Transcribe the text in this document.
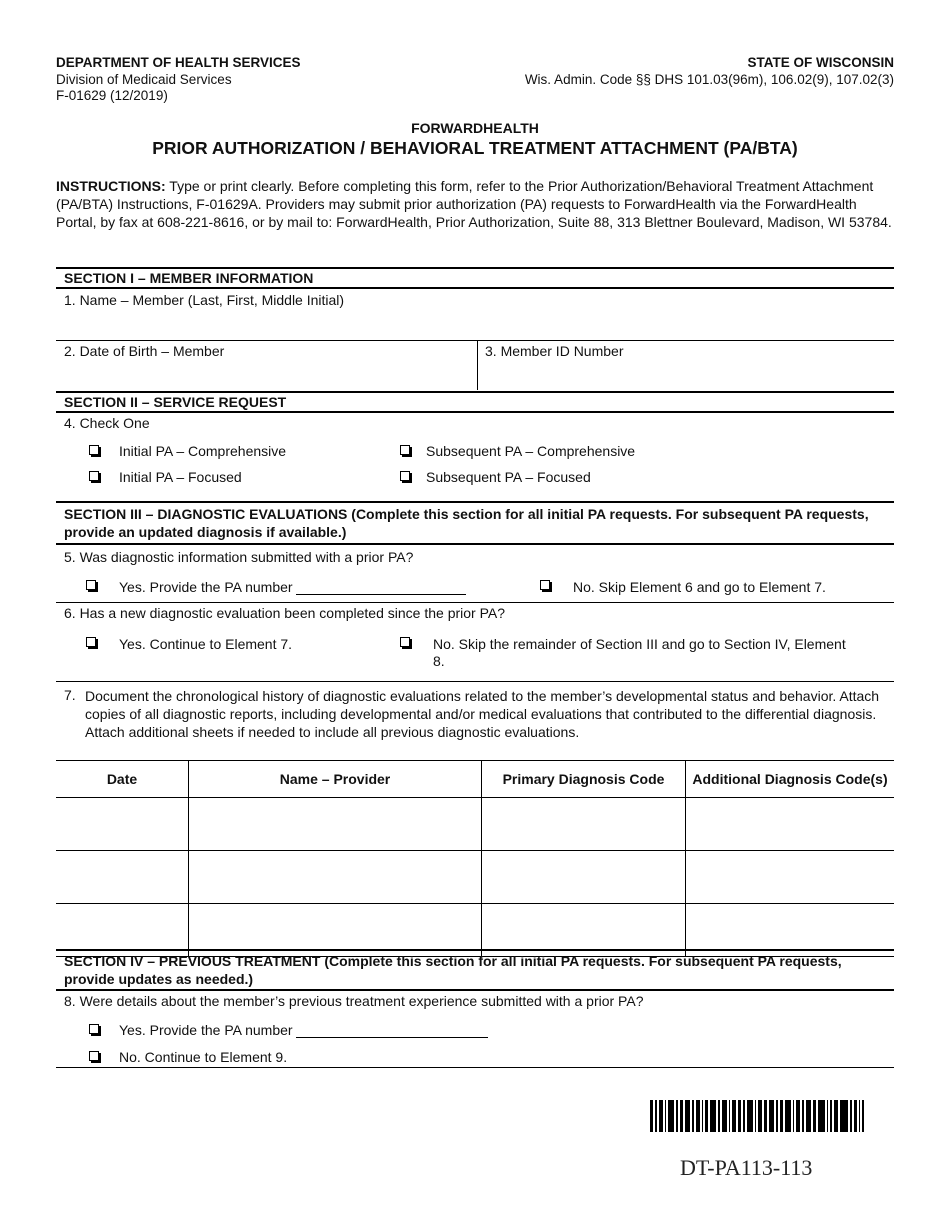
DEPARTMENT OF HEALTH SERVICES
Division of Medicaid Services
F-01629 (12/2019)
STATE OF WISCONSIN
Wis. Admin. Code §§ DHS 101.03(96m), 106.02(9), 107.02(3)
FORWARDHEALTH
PRIOR AUTHORIZATION / BEHAVIORAL TREATMENT ATTACHMENT (PA/BTA)
INSTRUCTIONS: Type or print clearly. Before completing this form, refer to the Prior Authorization/Behavioral Treatment Attachment (PA/BTA) Instructions, F-01629A. Providers may submit prior authorization (PA) requests to ForwardHealth via the ForwardHealth Portal, by fax at 608-221-8616, or by mail to: ForwardHealth, Prior Authorization, Suite 88, 313 Blettner Boulevard, Madison, WI 53784.
SECTION I – MEMBER INFORMATION
1. Name – Member (Last, First, Middle Initial)
2. Date of Birth – Member	3. Member ID Number
SECTION II – SERVICE REQUEST
4. Check One
Initial PA – Comprehensive	Subsequent PA – Comprehensive
Initial PA – Focused	Subsequent PA – Focused
SECTION III – DIAGNOSTIC EVALUATIONS (Complete this section for all initial PA requests. For subsequent PA requests, provide an updated diagnosis if available.)
5. Was diagnostic information submitted with a prior PA?
Yes. Provide the PA number	No. Skip Element 6 and go to Element 7.
6. Has a new diagnostic evaluation been completed since the prior PA?
Yes. Continue to Element 7.	No. Skip the remainder of Section III and go to Section IV, Element 8.
7. Document the chronological history of diagnostic evaluations related to the member’s developmental status and behavior. Attach copies of all diagnostic reports, including developmental and/or medical evaluations that contributed to the differential diagnosis. Attach additional sheets if needed to include all previous diagnostic evaluations.
Date	Name – Provider	Primary Diagnosis Code	Additional Diagnosis Code(s)

SECTION IV – PREVIOUS TREATMENT (Complete this section for all initial PA requests. For subsequent PA requests, provide updates as needed.)
8. Were details about the member’s previous treatment experience submitted with a prior PA?
Yes. Provide the PA number
No. Continue to Element 9.
DT-PA113-113
